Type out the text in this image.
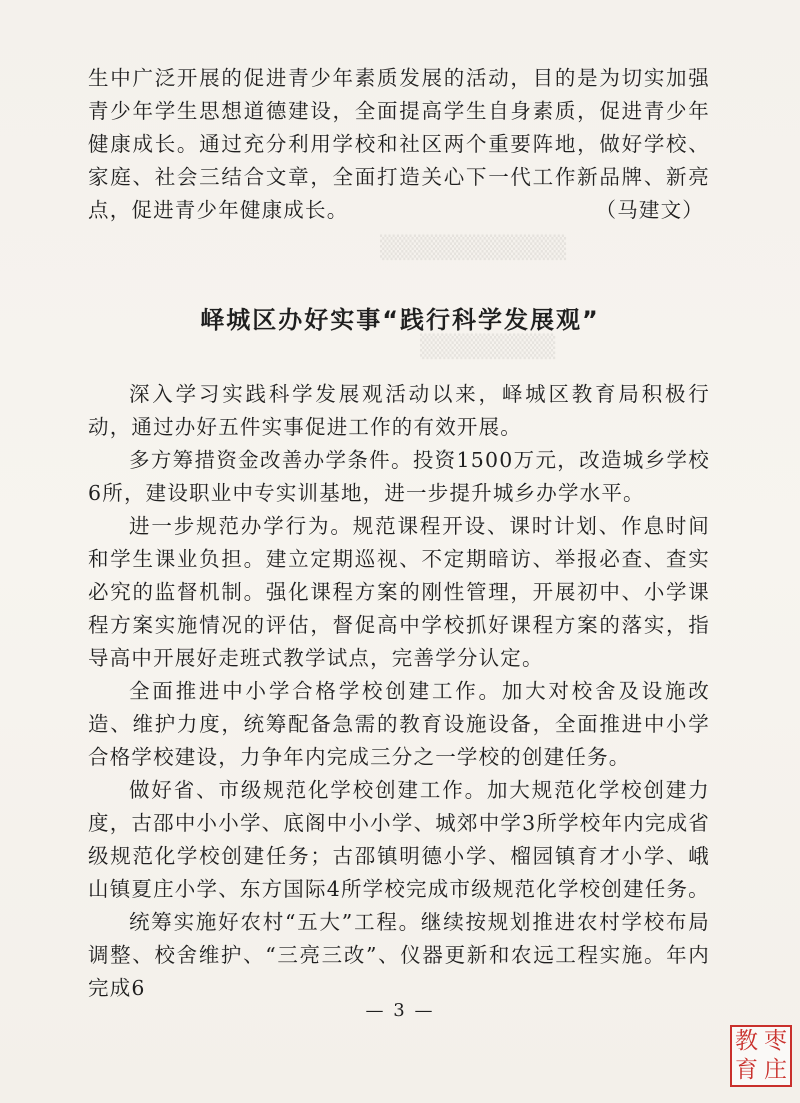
▒▒▒▒▒▒▒▒▒▒▒
▒▒▒▒▒▒▒▒

生中广泛开展的促进青少年素质发展的活动，目的是为切实加强青少年学生思想道德建设，全面提高学生自身素质，促进青少年健康成长。通过充分利用学校和社区两个重要阵地，做好学校、家庭、社会三结合文章，全面打造关心下一代工作新品牌、新亮点，促进青少年健康成长。	（马建文）

峄城区办好实事“践行科学发展观”

深入学习实践科学发展观活动以来，峄城区教育局积极行动，通过办好五件实事促进工作的有效开展。

多方筹措资金改善办学条件。投资1500万元，改造城乡学校6所，建设职业中专实训基地，进一步提升城乡办学水平。

进一步规范办学行为。规范课程开设、课时计划、作息时间和学生课业负担。建立定期巡视、不定期暗访、举报必查、查实必究的监督机制。强化课程方案的刚性管理，开展初中、小学课程方案实施情况的评估，督促高中学校抓好课程方案的落实，指导高中开展好走班式教学试点，完善学分认定。

全面推进中小学合格学校创建工作。加大对校舍及设施改造、维护力度，统筹配备急需的教育设施设备，全面推进中小学合格学校建设，力争年内完成三分之一学校的创建任务。

做好省、市级规范化学校创建工作。加大规范化学校创建力度，古邵中小小学、底阁中小小学、城郊中学3所学校年内完成省级规范化学校创建任务；古邵镇明德小学、榴园镇育才小学、峨山镇夏庄小学、东方国际4所学校完成市级规范化学校创建任务。

统筹实施好农村“五大”工程。继续按规划推进农村学校布局调整、校舍维护、“三亮三改”、仪器更新和农远工程实施。年内完成6

— 3 —
教 枣
育 庄
